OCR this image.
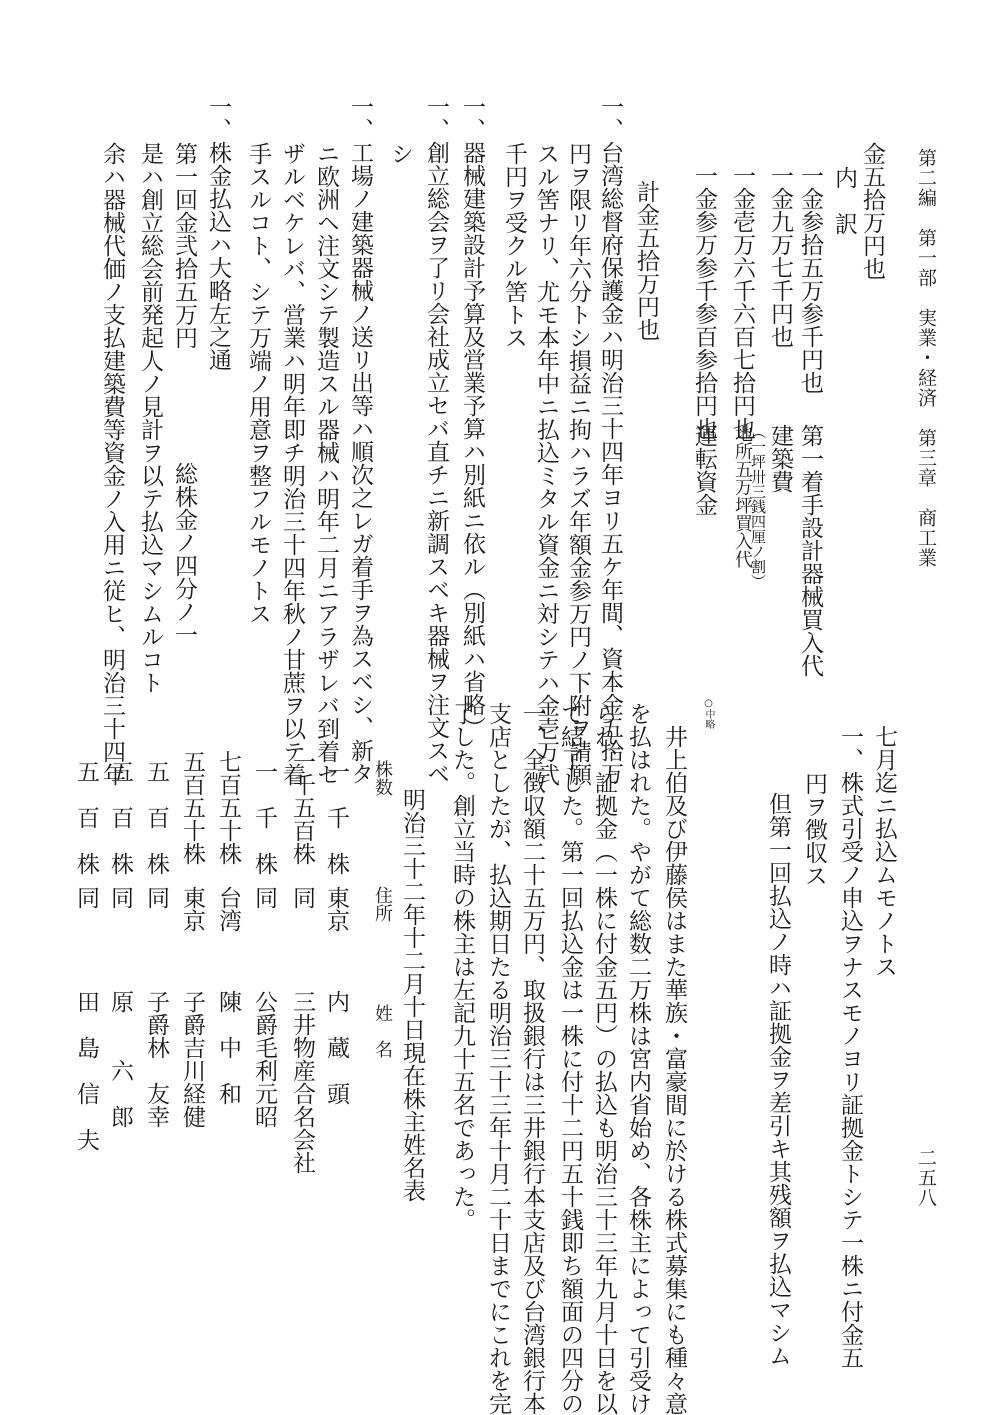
第二編　第一部　実業・経済　第三章　商工業
二五八
金五拾万円也
内　訳
一金参拾五万参千円也
第一着手設計器械買入代
一金九万七千円也
建築費
一金壱万六千六百七拾円也
地所五万坪買入代
（一坪卅三銭四厘ノ割）
一金参万参千参百参拾円也
運転資金
計金五拾万円也
一、台湾総督府保護金ハ明治三十四年ヨリ五ケ年間、資本金五拾万
円ヲ限リ年六分トシ損益ニ拘ハラズ年額金参万円ノ下附ヲ請願
スル筈ナリ、尤モ本年中ニ払込ミタル資金ニ対シテハ金壱万弐
千円ヲ受クル筈トス
一、器械建築設計予算及営業予算ハ別紙ニ依ル（別紙ハ省略）
一、創立総会ヲ了リ会社成立セバ直チニ新調スベキ器械ヲ注文スベ
シ
一、工場ノ建築器械ノ送リ出等ハ順次之レガ着手ヲ為スベシ、新タ
ニ欧洲ヘ注文シテ製造スル器械ハ明年二月ニアラザレバ到着セ
ザルベケレバ、営業ハ明年即チ明治三十四年秋ノ甘蔗ヲ以テ着
手スルコト、シテ万端ノ用意ヲ整フルモノトス
一、株金払込ハ大略左之通
第一回金弐拾五万円
総株金ノ四分ノ一
是ハ創立総会前発起人ノ見計ヲ以テ払込マシムルコト
余ハ器械代価ノ支払建築費等資金ノ入用ニ従ヒ、明治三十四年
七月迄ニ払込ムモノトス
一、株式引受ノ申込ヲナスモノヨリ証拠金トシテ一株ニ付金五
円ヲ徴収ス
但第一回払込ノ時ハ証拠金ヲ差引キ其残額ヲ払込マシム
○中略
井上伯及び伊藤侯はまた華族・富豪間に於ける株式募集にも種々意
を払はれた。やがて総数二万株は宮内省始め、各株主によって引受け
られ、証拠金（一株に付金五円）の払込も明治三十三年九月十日を以
て結了した。第一回払込金は一株に付十二円五十銭即ち額面の四分の
一、全徴収額二十五万円、取扱銀行は三井銀行本支店及び台湾銀行本
支店としたが、払込期日たる明治三十三年十月二十日までにこれを完
了した。創立当時の株主は左記九十五名であった。
明治三十二年十二月十日現在株主姓名表
株数
住所
姓　名
一　千　株
東京
内　蔵　頭
一千五百株
同
三井物産合名会社
一　千　株
同
公爵毛利元昭
七百五十株
台湾
陳　中　和
五百五十株
東京
子爵吉川経健
五　百　株
同
子爵林　友幸
五　百　株
同
原　　六　郎
五　百　株
同
田　島　信　夫
